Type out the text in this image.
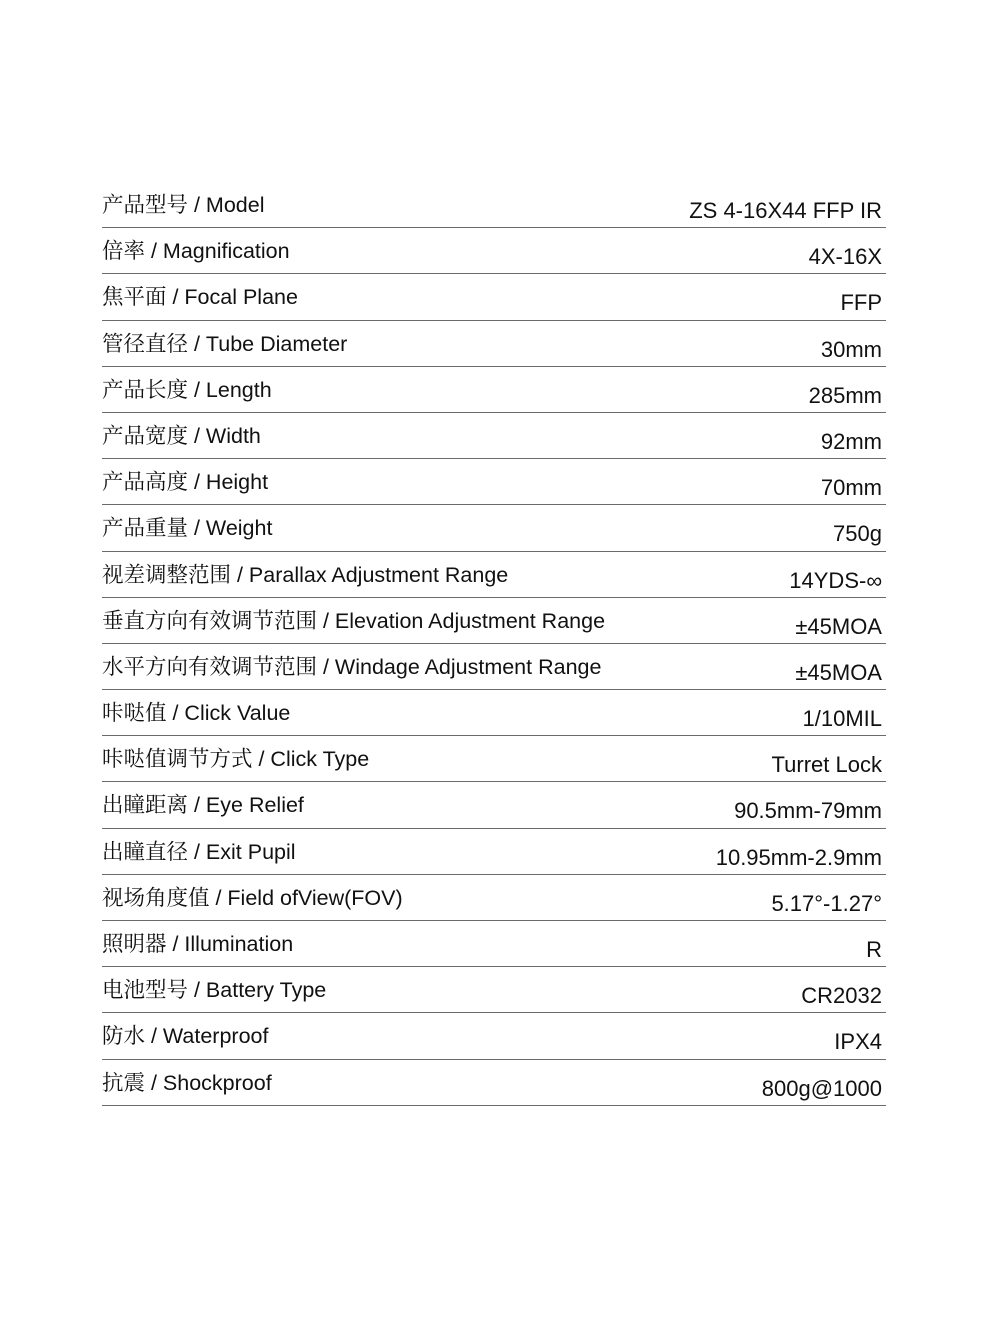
产品型号 / Model	ZS 4-16X44 FFP IR
倍率 / Magnification	4X-16X
焦平面 / Focal Plane	FFP
管径直径 / Tube Diameter	30mm
产品长度 / Length	285mm
产品宽度 / Width	92mm
产品高度 / Height	70mm
产品重量 / Weight	750g
视差调整范围 / Parallax Adjustment Range	14YDS-∞
垂直方向有效调节范围 / Elevation Adjustment Range	±45MOA
水平方向有效调节范围 / Windage Adjustment Range	±45MOA
咔哒值 / Click Value	1/10MIL
咔哒值调节方式 / Click Type	Turret Lock
出瞳距离 / Eye Relief	90.5mm-79mm
出瞳直径 / Exit Pupil	10.95mm-2.9mm
视场角度值 / Field ofView(FOV)	5.17°-1.27°
照明器 / Illumination	R
电池型号 / Battery Type	CR2032
防水 / Waterproof	IPX4
抗震 / Shockproof	800g@1000
